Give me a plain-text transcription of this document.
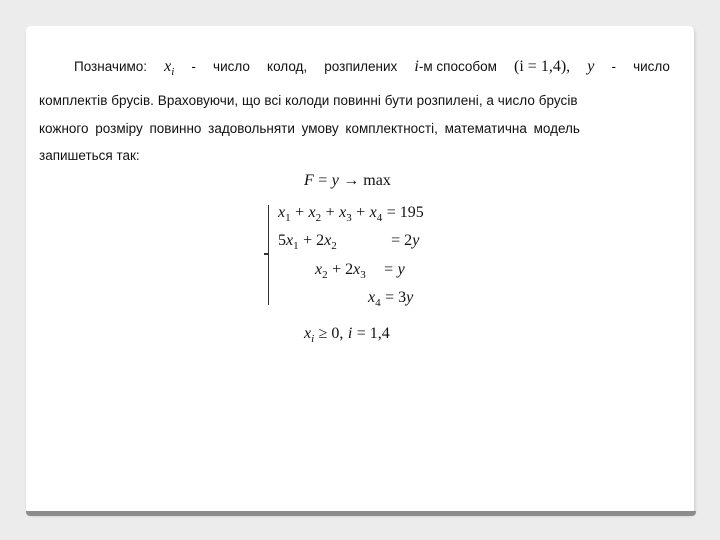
Позначимо: $x_i$ - число колод, розпилених i-м способом (i = 1,4), y - число
комплектів брусів. Враховуючи, що всі колоди повинні бути розпилені, а число брусів
кожного розміру повинно задовольняти умову комплектності, математична модель
запишеться так:
F = y → max
$x_1 + x_2 + x_3 + x_4 = 195$
$5x_1 + 2x_2$	= 2y
$x_2 + 2x_3 = y$
$x_4 = 3y$
$x_i \ge 0$, i = 1,4
